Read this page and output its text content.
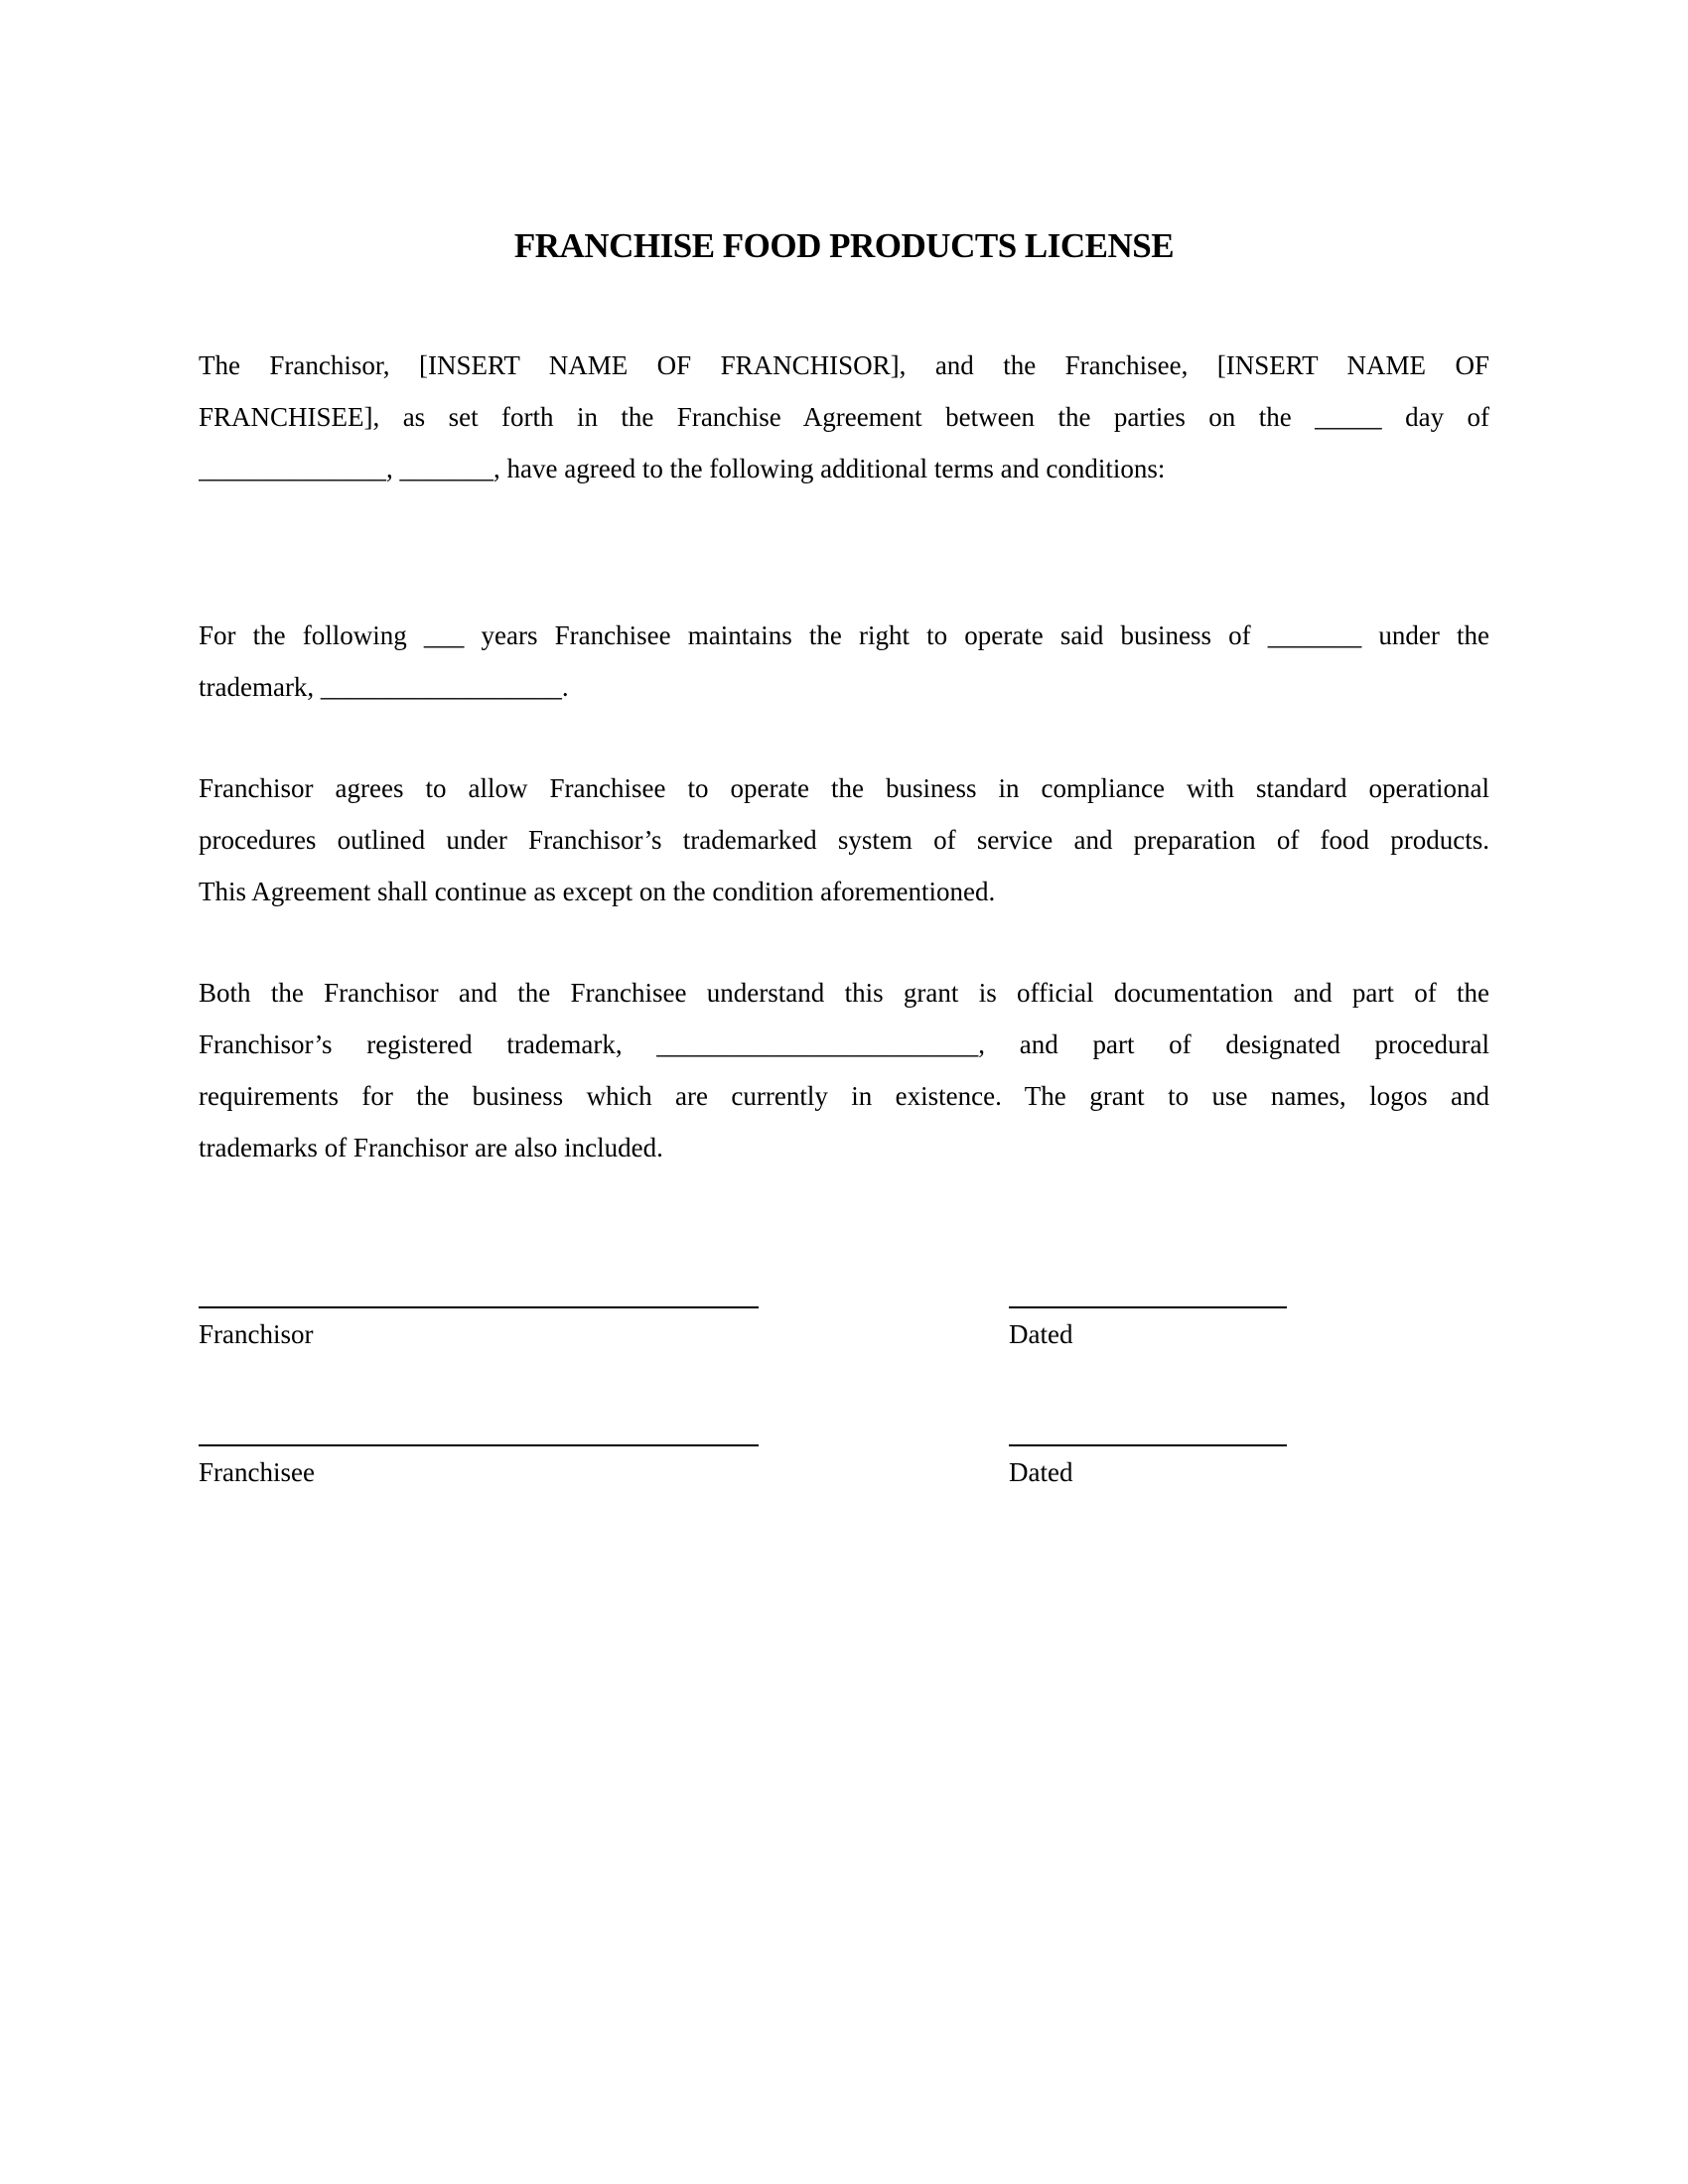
FRANCHISE FOOD PRODUCTS LICENSE
The Franchisor, [INSERT NAME OF FRANCHISOR], and the Franchisee, [INSERT NAME OF
FRANCHISEE], as set forth in the Franchise Agreement between the parties on the _____ day of
______________, _______, have agreed to the following additional terms and conditions:
For the following ___ years Franchisee maintains the right to operate said business of _______ under the
trademark, __________________.
Franchisor agrees to allow Franchisee to operate the business in compliance with standard operational
procedures outlined under Franchisor’s trademarked system of service and preparation of food products.
This Agreement shall continue as except on the condition aforementioned.
Both the Franchisor and the Franchisee understand this grant is official documentation and part of the
Franchisor’s registered trademark, ________________________, and part of designated procedural
requirements for the business which are currently in existence. The grant to use names, logos and
trademarks of Franchisor are also included.
Franchisor	Dated
Franchisee	Dated
